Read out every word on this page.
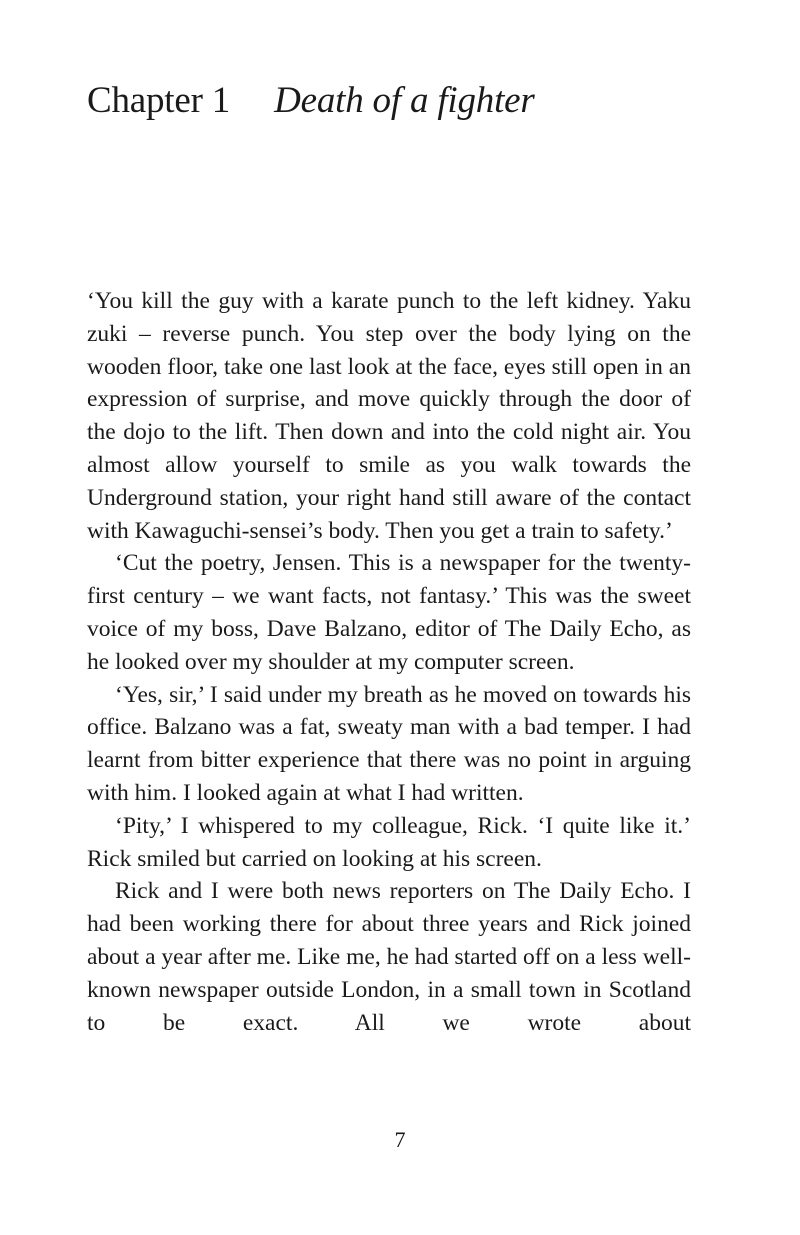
Chapter 1 Death of a fighter

‘You kill the guy with a karate punch to the left kidney. Yaku zuki – reverse punch. You step over the body lying on the wooden floor, take one last look at the face, eyes still open in an expression of surprise, and move quickly through the door of the dojo to the lift. Then down and into the cold night air. You almost allow yourself to smile as you walk towards the Underground station, your right hand still aware of the contact with Kawaguchi-sensei’s body. Then you get a train to safety.’

‘Cut the poetry, Jensen. This is a newspaper for the twenty-first century – we want facts, not fantasy.’ This was the sweet voice of my boss, Dave Balzano, editor of The Daily Echo, as he looked over my shoulder at my computer screen.

‘Yes, sir,’ I said under my breath as he moved on towards his office. Balzano was a fat, sweaty man with a bad temper. I had learnt from bitter experience that there was no point in arguing with him. I looked again at what I had written.

‘Pity,’ I whispered to my colleague, Rick. ‘I quite like it.’ Rick smiled but carried on looking at his screen.

Rick and I were both news reporters on The Daily Echo. I had been working there for about three years and Rick joined about a year after me. Like me, he had started off on a less well-known newspaper outside London, in a small town in Scotland to be exact. All we wrote about

7
